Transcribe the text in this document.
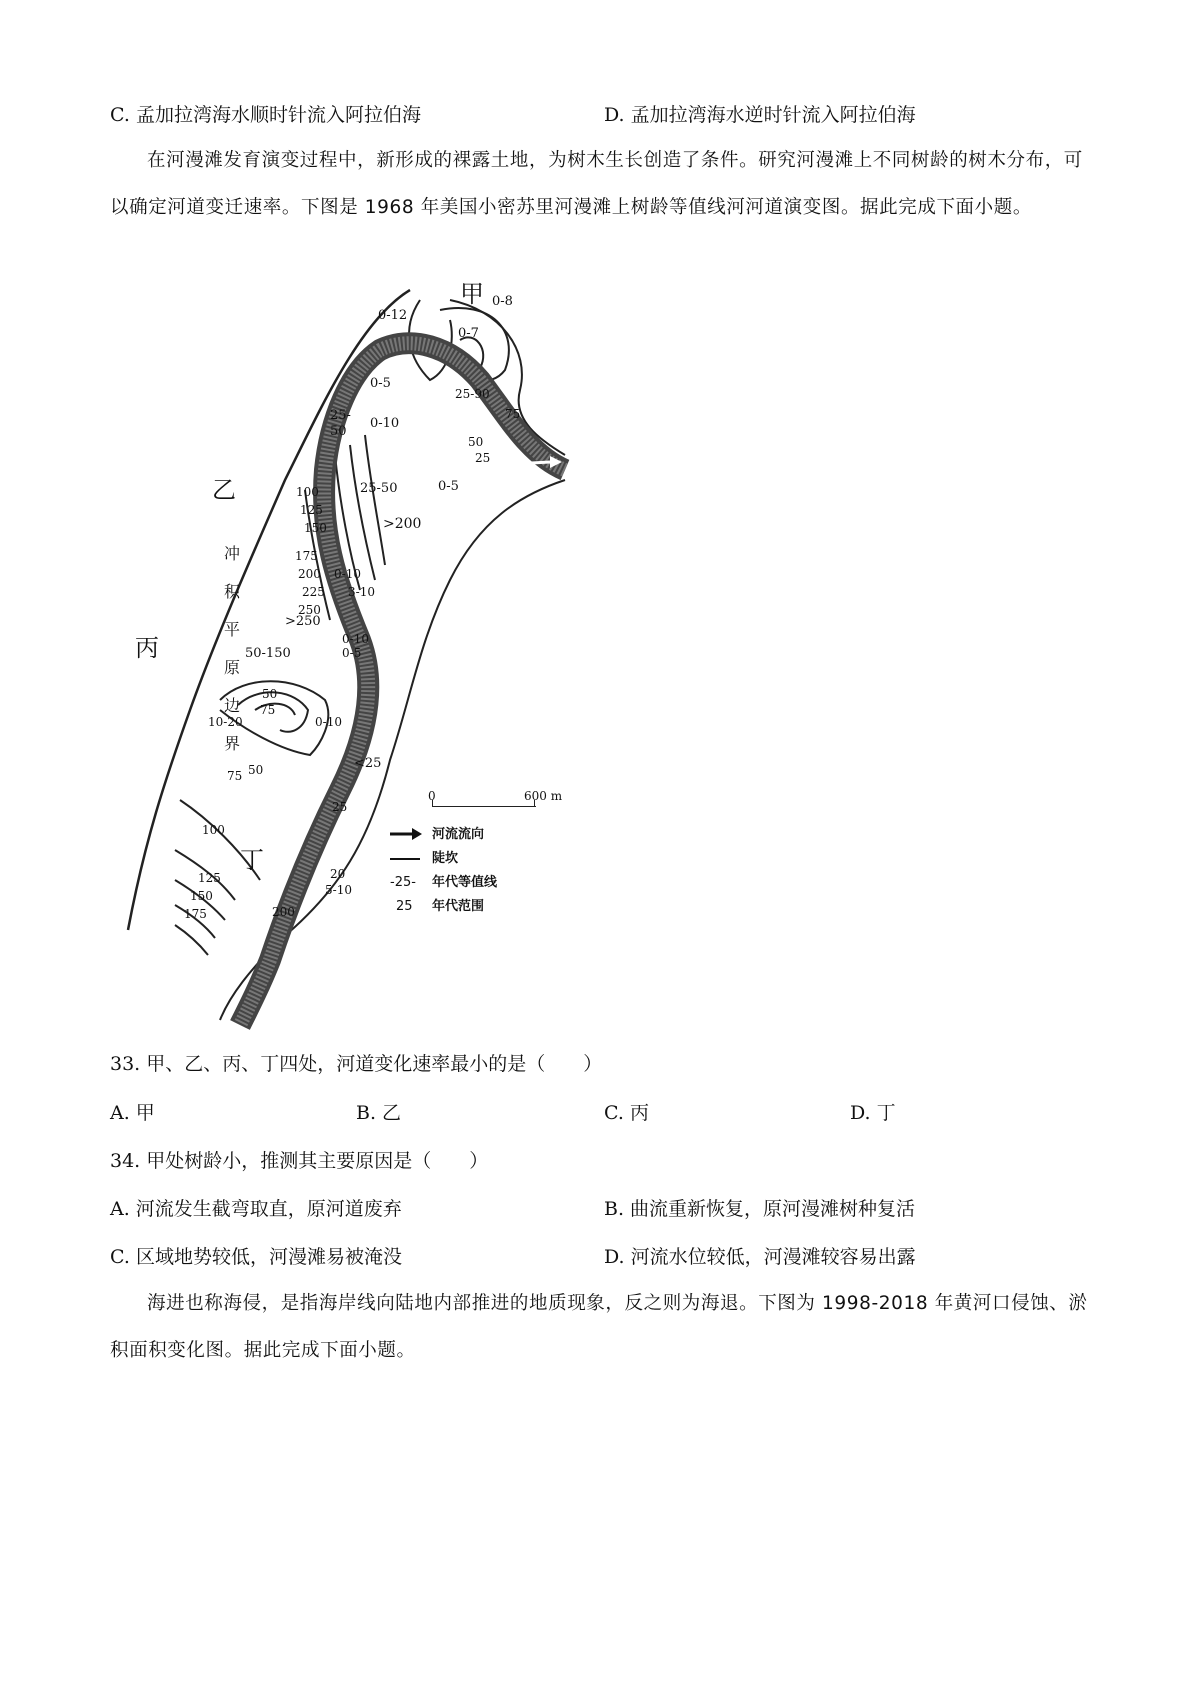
C. 孟加拉湾海水顺时针流入阿拉伯海	D. 孟加拉湾海水逆时针流入阿拉伯海
在河漫滩发育演变过程中，新形成的裸露土地，为树木生长创造了条件。研究河漫滩上不同树龄的树木分布，可以确定河道变迁速率。下图是 1968 年美国小密苏里河漫滩上树龄等值线河河道演变图。据此完成下面小题。
甲
乙
丙
丁
冲
积
平
原
边
界
0-12
0-8
0-7
0-5
25-
50
0-10
25-50
>200
0-5
25-90
75
50
25
100
125
150
175
200
225
250
>250
50-150
0-10
0-5
10-20
50
75
0-10
<25
25
50
75
100
125
150
175
20
5-10
200
0-10
3-10
0	600 m
河流流向
陡坎
-25- 年代等值线
25 年代范围
33. 甲、乙、丙、丁四处，河道变化速率最小的是（　　）
A. 甲	B. 乙	C. 丙	D. 丁
34. 甲处树龄小，推测其主要原因是（　　）
A. 河流发生截弯取直，原河道废弃	B. 曲流重新恢复，原河漫滩树种复活
C. 区域地势较低，河漫滩易被淹没	D. 河流水位较低，河漫滩较容易出露
海进也称海侵，是指海岸线向陆地内部推进的地质现象，反之则为海退。下图为 1998-2018 年黄河口侵蚀、淤积面积变化图。据此完成下面小题。
